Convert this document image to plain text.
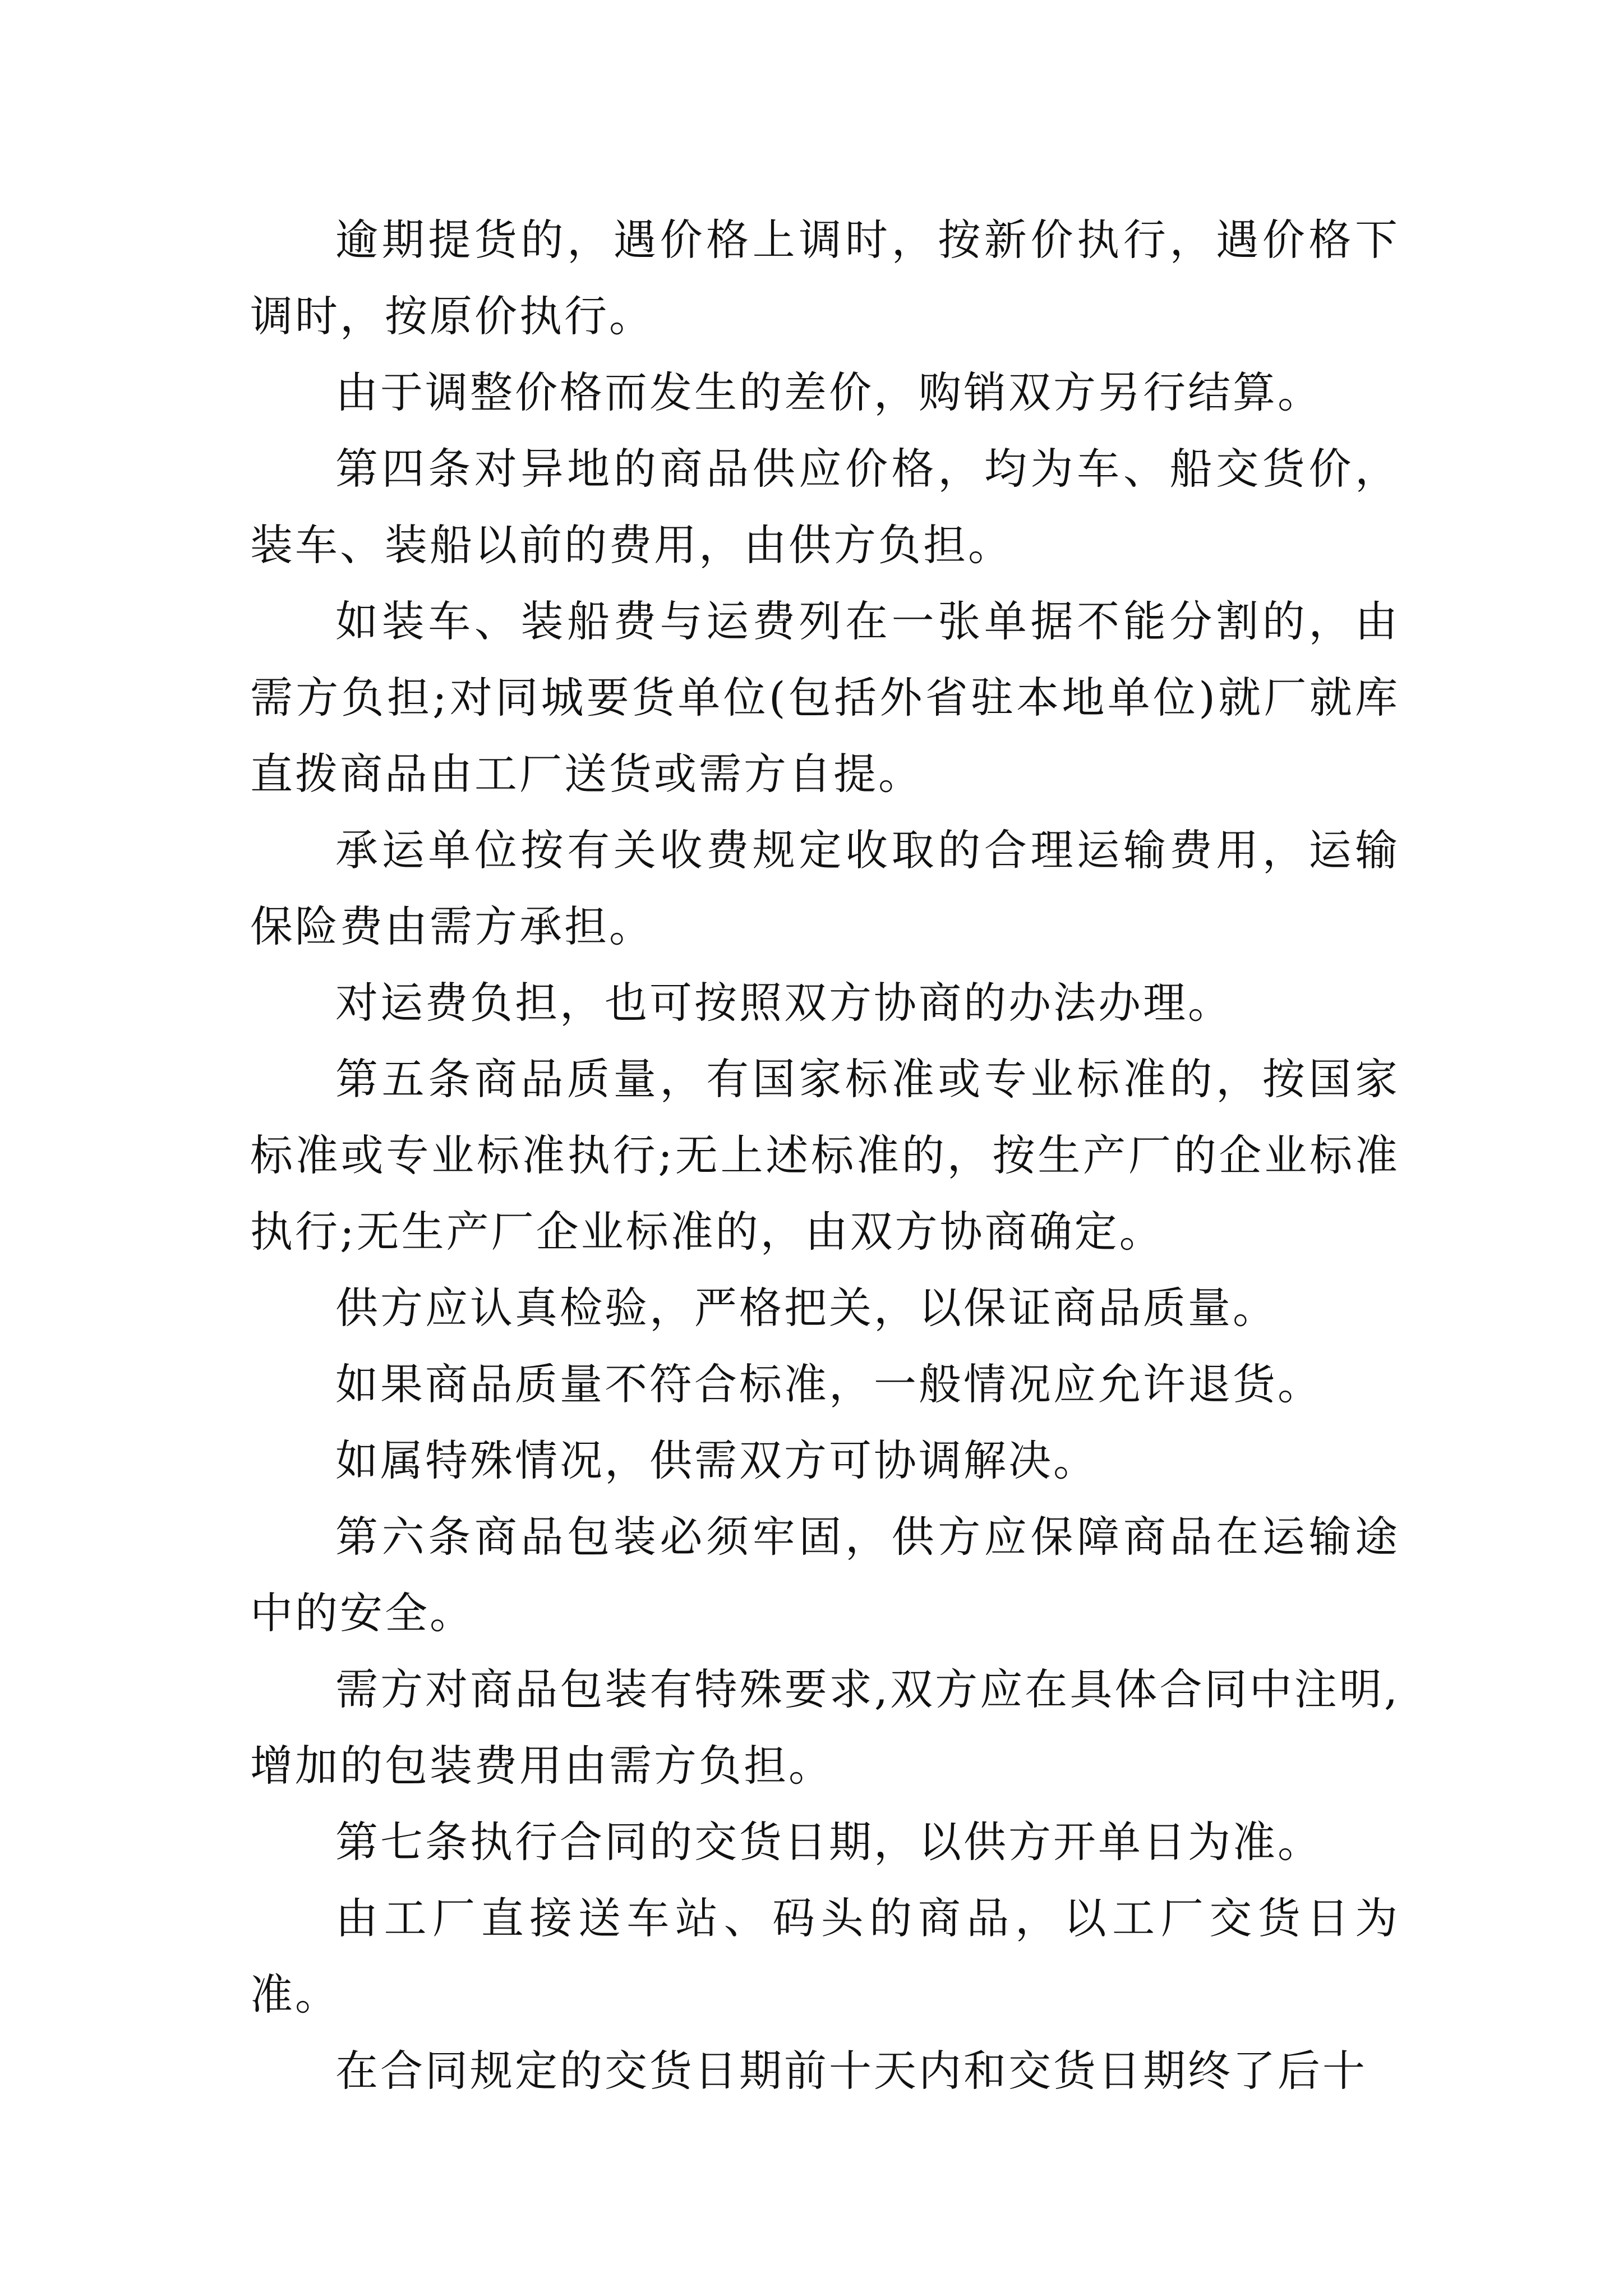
逾期提货的，遇价格上调时，按新价执行，遇价格下调时，按原价执行。

由于调整价格而发生的差价，购销双方另行结算。

第四条对异地的商品供应价格，均为车、船交货价，装车、装船以前的费用，由供方负担。

如装车、装船费与运费列在一张单据不能分割的，由需方负担;对同城要货单位(包括外省驻本地单位)就厂就库直拨商品由工厂送货或需方自提。

承运单位按有关收费规定收取的合理运输费用，运输保险费由需方承担。

对运费负担，也可按照双方协商的办法办理。

第五条商品质量，有国家标准或专业标准的，按国家标准或专业标准执行;无上述标准的，按生产厂的企业标准执行;无生产厂企业标准的，由双方协商确定。

供方应认真检验，严格把关，以保证商品质量。

如果商品质量不符合标准，一般情况应允许退货。

如属特殊情况，供需双方可协调解决。

第六条商品包装必须牢固，供方应保障商品在运输途中的安全。

需方对商品包装有特殊要求,双方应在具体合同中注明,增加的包装费用由需方负担。

第七条执行合同的交货日期，以供方开单日为准。

由工厂直接送车站、码头的商品，以工厂交货日为准。

在合同规定的交货日期前十天内和交货日期终了后十
